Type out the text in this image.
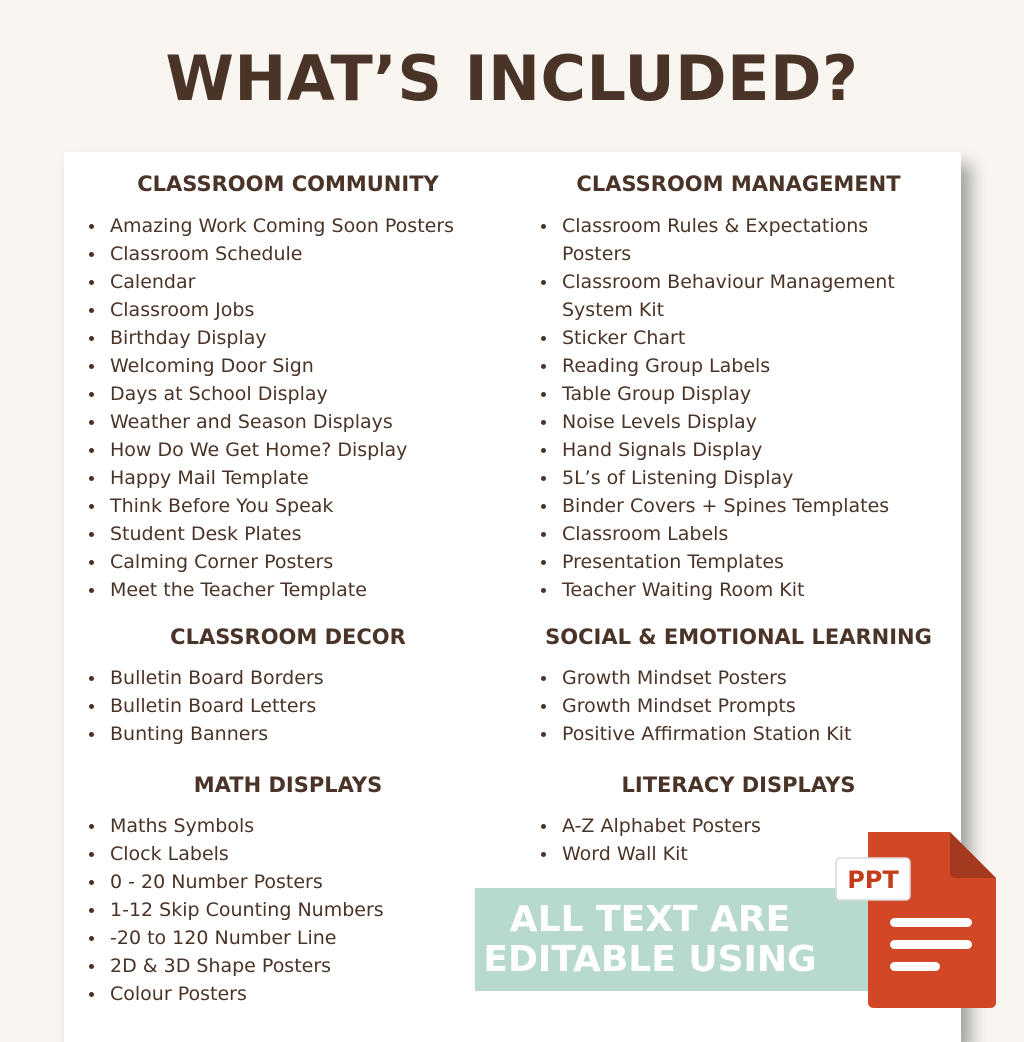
WHAT’S INCLUDED?
CLASSROOM COMMUNITY
Amazing Work Coming Soon Posters
Classroom Schedule
Calendar
Classroom Jobs
Birthday Display
Welcoming Door Sign
Days at School Display
Weather and Season Displays
How Do We Get Home? Display
Happy Mail Template
Think Before You Speak
Student Desk Plates
Calming Corner Posters
Meet the Teacher Template
CLASSROOM DECOR
Bulletin Board Borders
Bulletin Board Letters
Bunting Banners
MATH DISPLAYS
Maths Symbols
Clock Labels
0 - 20 Number Posters
1-12 Skip Counting Numbers
-20 to 120 Number Line
2D & 3D Shape Posters
Colour Posters
CLASSROOM MANAGEMENT
Classroom Rules & Expectations Posters
Classroom Behaviour Management System Kit
Sticker Chart
Reading Group Labels
Table Group Display
Noise Levels Display
Hand Signals Display
5L’s of Listening Display
Binder Covers + Spines Templates
Classroom Labels
Presentation Templates
Teacher Waiting Room Kit
SOCIAL & EMOTIONAL LEARNING
Growth Mindset Posters
Growth Mindset Prompts
Positive Affirmation Station Kit
LITERACY DISPLAYS
A-Z Alphabet Posters
Word Wall Kit
ALL TEXT ARE
EDITABLE USING
PPT
